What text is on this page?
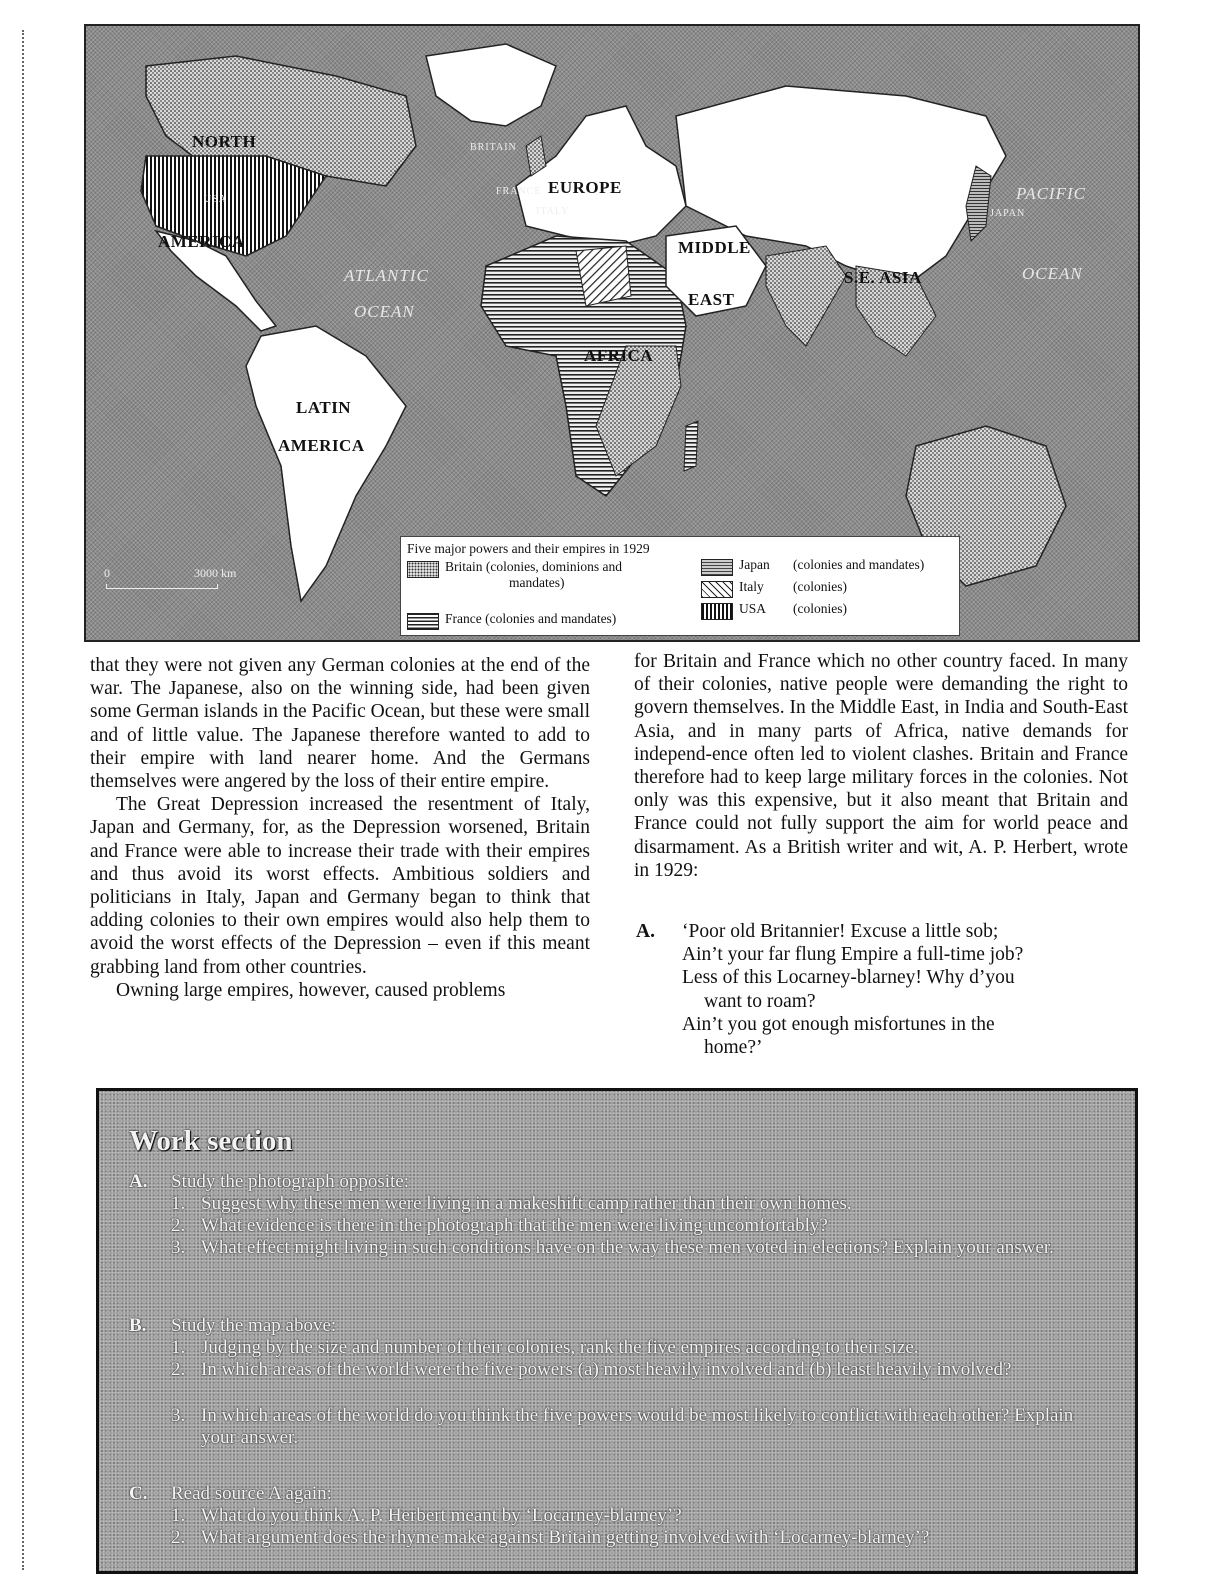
NORTH
AMERICA
EUROPE
MIDDLE
EAST
S.E. ASIA
AFRICA
LATIN
AMERICA
ATLANTIC
OCEAN
PACIFIC
OCEAN
BRITAIN
FRANCE
ITALY	JAPAN
USA
0	3000 km
Five major powers and their empires in 1929
Britain (colonies, dominions and
mandates)
France (colonies and mandates)
Japan	(colonies and mandates)
Italy	(colonies)
USA	(colonies)

that they were not given any German colonies at the end of the war. The Japanese, also on the winning side, had been given some German islands in the Pacific Ocean, but these were small and of little value. The Japanese therefore wanted to add to their empire with land nearer home. And the Germans themselves were angered by the loss of their entire empire.

The Great Depression increased the resentment of Italy, Japan and Germany, for, as the Depression worsened, Britain and France were able to increase their trade with their empires and thus avoid its worst effects. Ambitious soldiers and politicians in Italy, Japan and Germany began to think that adding colonies to their own empires would also help them to avoid the worst effects of the Depression – even if this meant grabbing land from other countries.

Owning large empires, however, caused problems

for Britain and France which no other country faced. In many of their colonies, native people were demanding the right to govern themselves. In the Middle East, in India and South-East Asia, and in many parts of Africa, native demands for independ-ence often led to violent clashes. Britain and France therefore had to keep large military forces in the colonies. Not only was this expensive, but it also meant that Britain and France could not fully support the aim for world peace and disarmament. As a British writer and wit, A. P. Herbert, wrote in 1929:

A. ‘Poor old Britannier! Excuse a little sob;
Ain’t your far flung Empire a full-time job?
Less of this Locarney-blarney! Why d’you
want to roam?
Ain’t you got enough misfortunes in the
home?’
Work section
A. Study the photograph opposite:
1. Suggest why these men were living in a makeshift camp rather than their own homes.
2. What evidence is there in the photograph that the men were living uncomfortably?
3. What effect might living in such conditions have on the way these men voted in elections? Explain your answer.
B. Study the map above:
1. Judging by the size and number of their colonies, rank the five empires according to their size.
2. In which areas of the world were the five powers (a) most heavily involved and (b) least heavily involved?
3. In which areas of the world do you think the five powers would be most likely to conflict with each other? Explain your answer.
C. Read source A again:
1. What do you think A. P. Herbert meant by ‘Locarney-blarney’?
2. What argument does the rhyme make against Britain getting involved with ‘Locarney-blarney’?
